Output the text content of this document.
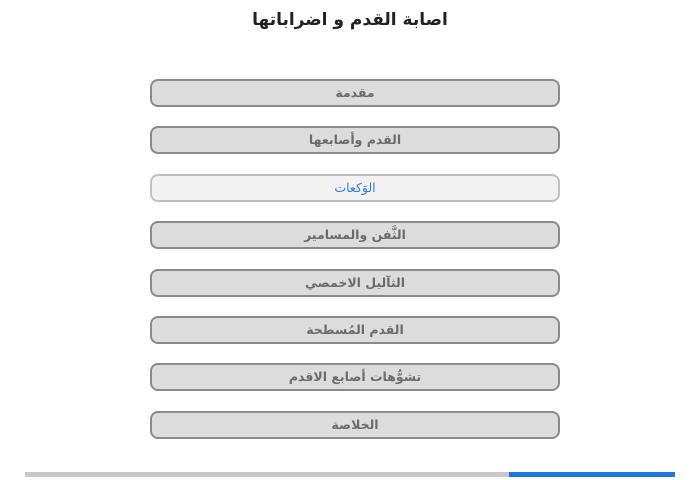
اصابة القدم و اضراباتها
مقدمة
القدم وأصابعها
الوَكعات
الثَّفن والمسامير
الثآليل الاخمصي
القدم المُسطحة
تشوُّهات أصابع الاقدم
الخلاصة
